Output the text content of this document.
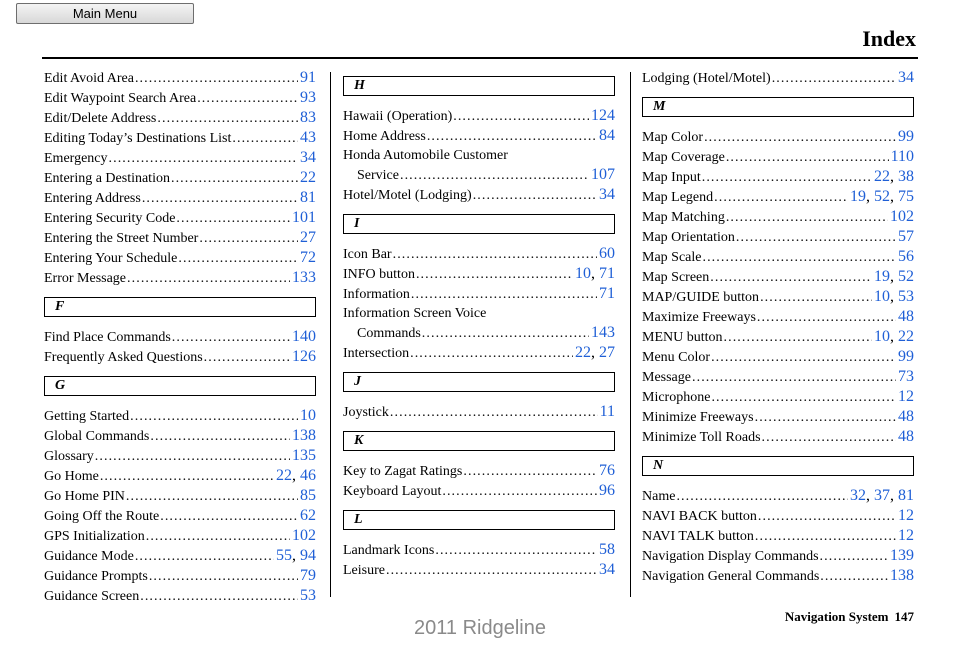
Main Menu
Index
Edit Avoid Area . . .	91
Edit Waypoint Search Area . . .	93
Edit/Delete Address . . .	83
Editing Today’s Destinations List . . .	43
Emergency . . .	34
Entering a Destination . . .	22
Entering Address . . .	81
Entering Security Code . . .	101
Entering the Street Number . . .	27
Entering Your Schedule . . .	72
Error Message . . .	133
F
Find Place Commands . . .	140
Frequently Asked Questions . . .	126
G
Getting Started . . .	10
Global Commands . . .	138
Glossary . . .	135
Go Home . . .	22, 46
Go Home PIN . . .	85
Going Off the Route . . .	62
GPS Initialization . . .	102
Guidance Mode . . .	55, 94
Guidance Prompts . . .	79
Guidance Screen . . .	53
H
Hawaii (Operation) . . .	124
Home Address . . .	84
Honda Automobile Customer
Service . . .	107
Hotel/Motel (Lodging) . . .	34
I
Icon Bar . . .	60
INFO button . . .	10, 71
Information . . .	71
Information Screen Voice
Commands . . .	143
Intersection . . .	22, 27
J
Joystick . . .	11
K
Key to Zagat Ratings . . .	76
Keyboard Layout . . .	96
L
Landmark Icons . . .	58
Leisure . . .	34
Lodging (Hotel/Motel) . . .	34
M
Map Color . . .	99
Map Coverage . . .	110
Map Input . . .	22, 38
Map Legend . . .	19, 52, 75
Map Matching . . .	102
Map Orientation . . .	57
Map Scale . . .	56
Map Screen . . .	19, 52
MAP/GUIDE button . . .	10, 53
Maximize Freeways . . .	48
MENU button . . .	10, 22
Menu Color . . .	99
Message . . .	73
Microphone . . .	12
Minimize Freeways . . .	48
Minimize Toll Roads . . .	48
N
Name . . .	32, 37, 81
NAVI BACK button . . .	12
NAVI TALK button . . .	12
Navigation Display Commands . . .	139
Navigation General Commands . . .	138
Navigation System 147
2011 Ridgeline
